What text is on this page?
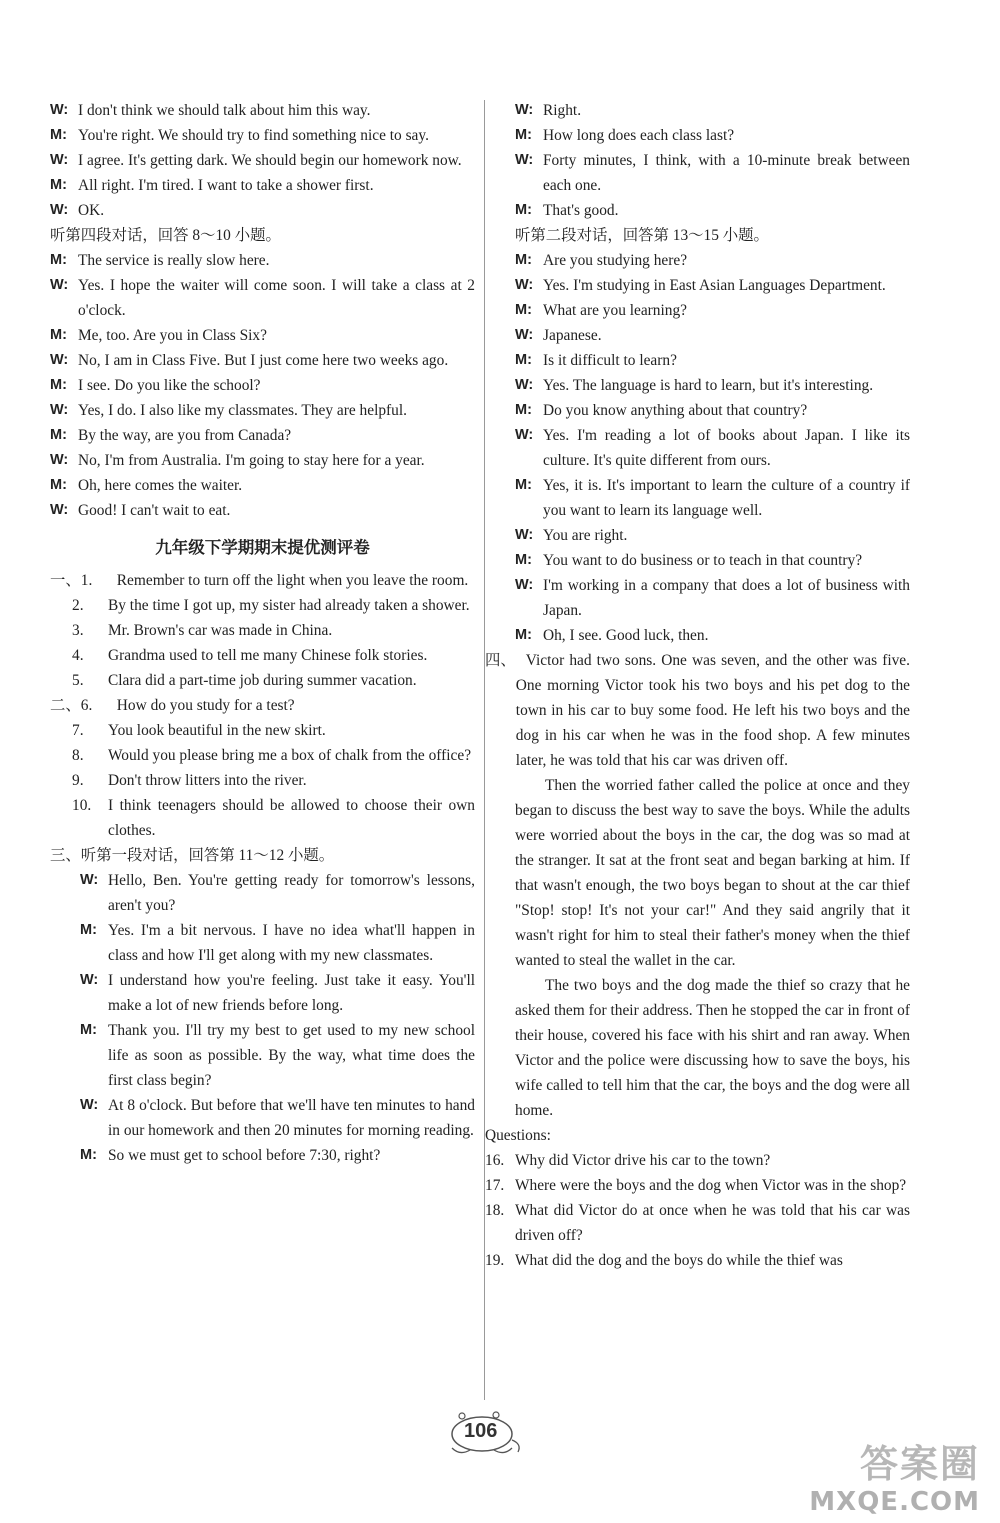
W: I don't think we should talk about him this way.
M: You're right. We should try to find something nice to say.
W: I agree. It's getting dark. We should begin our homework now.
M: All right. I'm tired. I want to take a shower first.
W: OK.
听第四段对话，回答 8～10 小题。
M: The service is really slow here.
W: Yes. I hope the waiter will come soon. I will take a class at 2 o'clock.
M: Me, too. Are you in Class Six?
W: No, I am in Class Five. But I just come here two weeks ago.
M: I see. Do you like the school?
W: Yes, I do. I also like my classmates. They are helpful.
M: By the way, are you from Canada?
W: No, I'm from Australia. I'm going to stay here for a year.
M: Oh, here comes the waiter.
W: Good! I can't wait to eat.
九年级下学期期末提优测评卷
一、 1.	Remember to turn off the light when you leave the room.
2.	By the time I got up, my sister had already taken a shower.
3.	Mr. Brown's car was made in China.
4.	Grandma used to tell me many Chinese folk stories.
5.	Clara did a part-time job during summer vacation.
二、 6.	How do you study for a test?
7.	You look beautiful in the new skirt.
8.	Would you please bring me a box of chalk from the office?
9.	Don't throw litters into the river.
10.	I think teenagers should be allowed to choose their own clothes.
三、 听第一段对话，回答第 11～12 小题。
W: Hello, Ben. You're getting ready for tomorrow's lessons, aren't you?
M: Yes. I'm a bit nervous. I have no idea what'll happen in class and how I'll get along with my new classmates.
W: I understand how you're feeling. Just take it easy. You'll make a lot of new friends before long.
M: Thank you. I'll try my best to get used to my new school life as soon as possible. By the way, what time does the first class begin?
W: At 8 o'clock. But before that we'll have ten minutes to hand in our homework and then 20 minutes for morning reading.
M: So we must get to school before 7:30, right?
W: Right.
M: How long does each class last?
W: Forty minutes, I think, with a 10-minute break between each one.
M: That's good.
听第二段对话，回答第 13～15 小题。
M: Are you studying here?
W: Yes. I'm studying in East Asian Languages Department.
M: What are you learning?
W: Japanese.
M: Is it difficult to learn?
W: Yes. The language is hard to learn, but it's interesting.
M: Do you know anything about that country?
W: Yes. I'm reading a lot of books about Japan. I like its culture. It's quite different from ours.
M: Yes, it is. It's important to learn the culture of a country if you want to learn its language well.
W: You are right.
M: You want to do business or to teach in that country?
W: I'm working in a company that does a lot of business with Japan.
M: Oh, I see. Good luck, then.
四、 Victor had two sons. One was seven, and the other was five. One morning Victor took his two boys and his pet dog to the town in his car to buy some food. He left his two boys and the dog in his car when he was in the food shop. A few minutes later, he was told that his car was driven off.
Then the worried father called the police at once and they began to discuss the best way to save the boys. While the adults were worried about the boys in the car, the dog was so mad at the stranger. It sat at the front seat and began barking at him. If that wasn't enough, the two boys began to shout at the car thief "Stop! stop! It's not your car!" And they said angrily that it wasn't right for him to steal their father's money when the thief wanted to steal the wallet in the car.
The two boys and the dog made the thief so crazy that he asked them for their address. Then he stopped the car in front of their house, covered his face with his shirt and ran away. When Victor and the police were discussing how to save the boys, his wife called to tell him that the car, the boys and the dog were all home.
Questions:
16. Why did Victor drive his car to the town?
17. Where were the boys and the dog when Victor was in the shop?
18. What did Victor do at once when he was told that his car was driven off?
19. What did the dog and the boys do while the thief was
106
答案圈
MXQE.COM
